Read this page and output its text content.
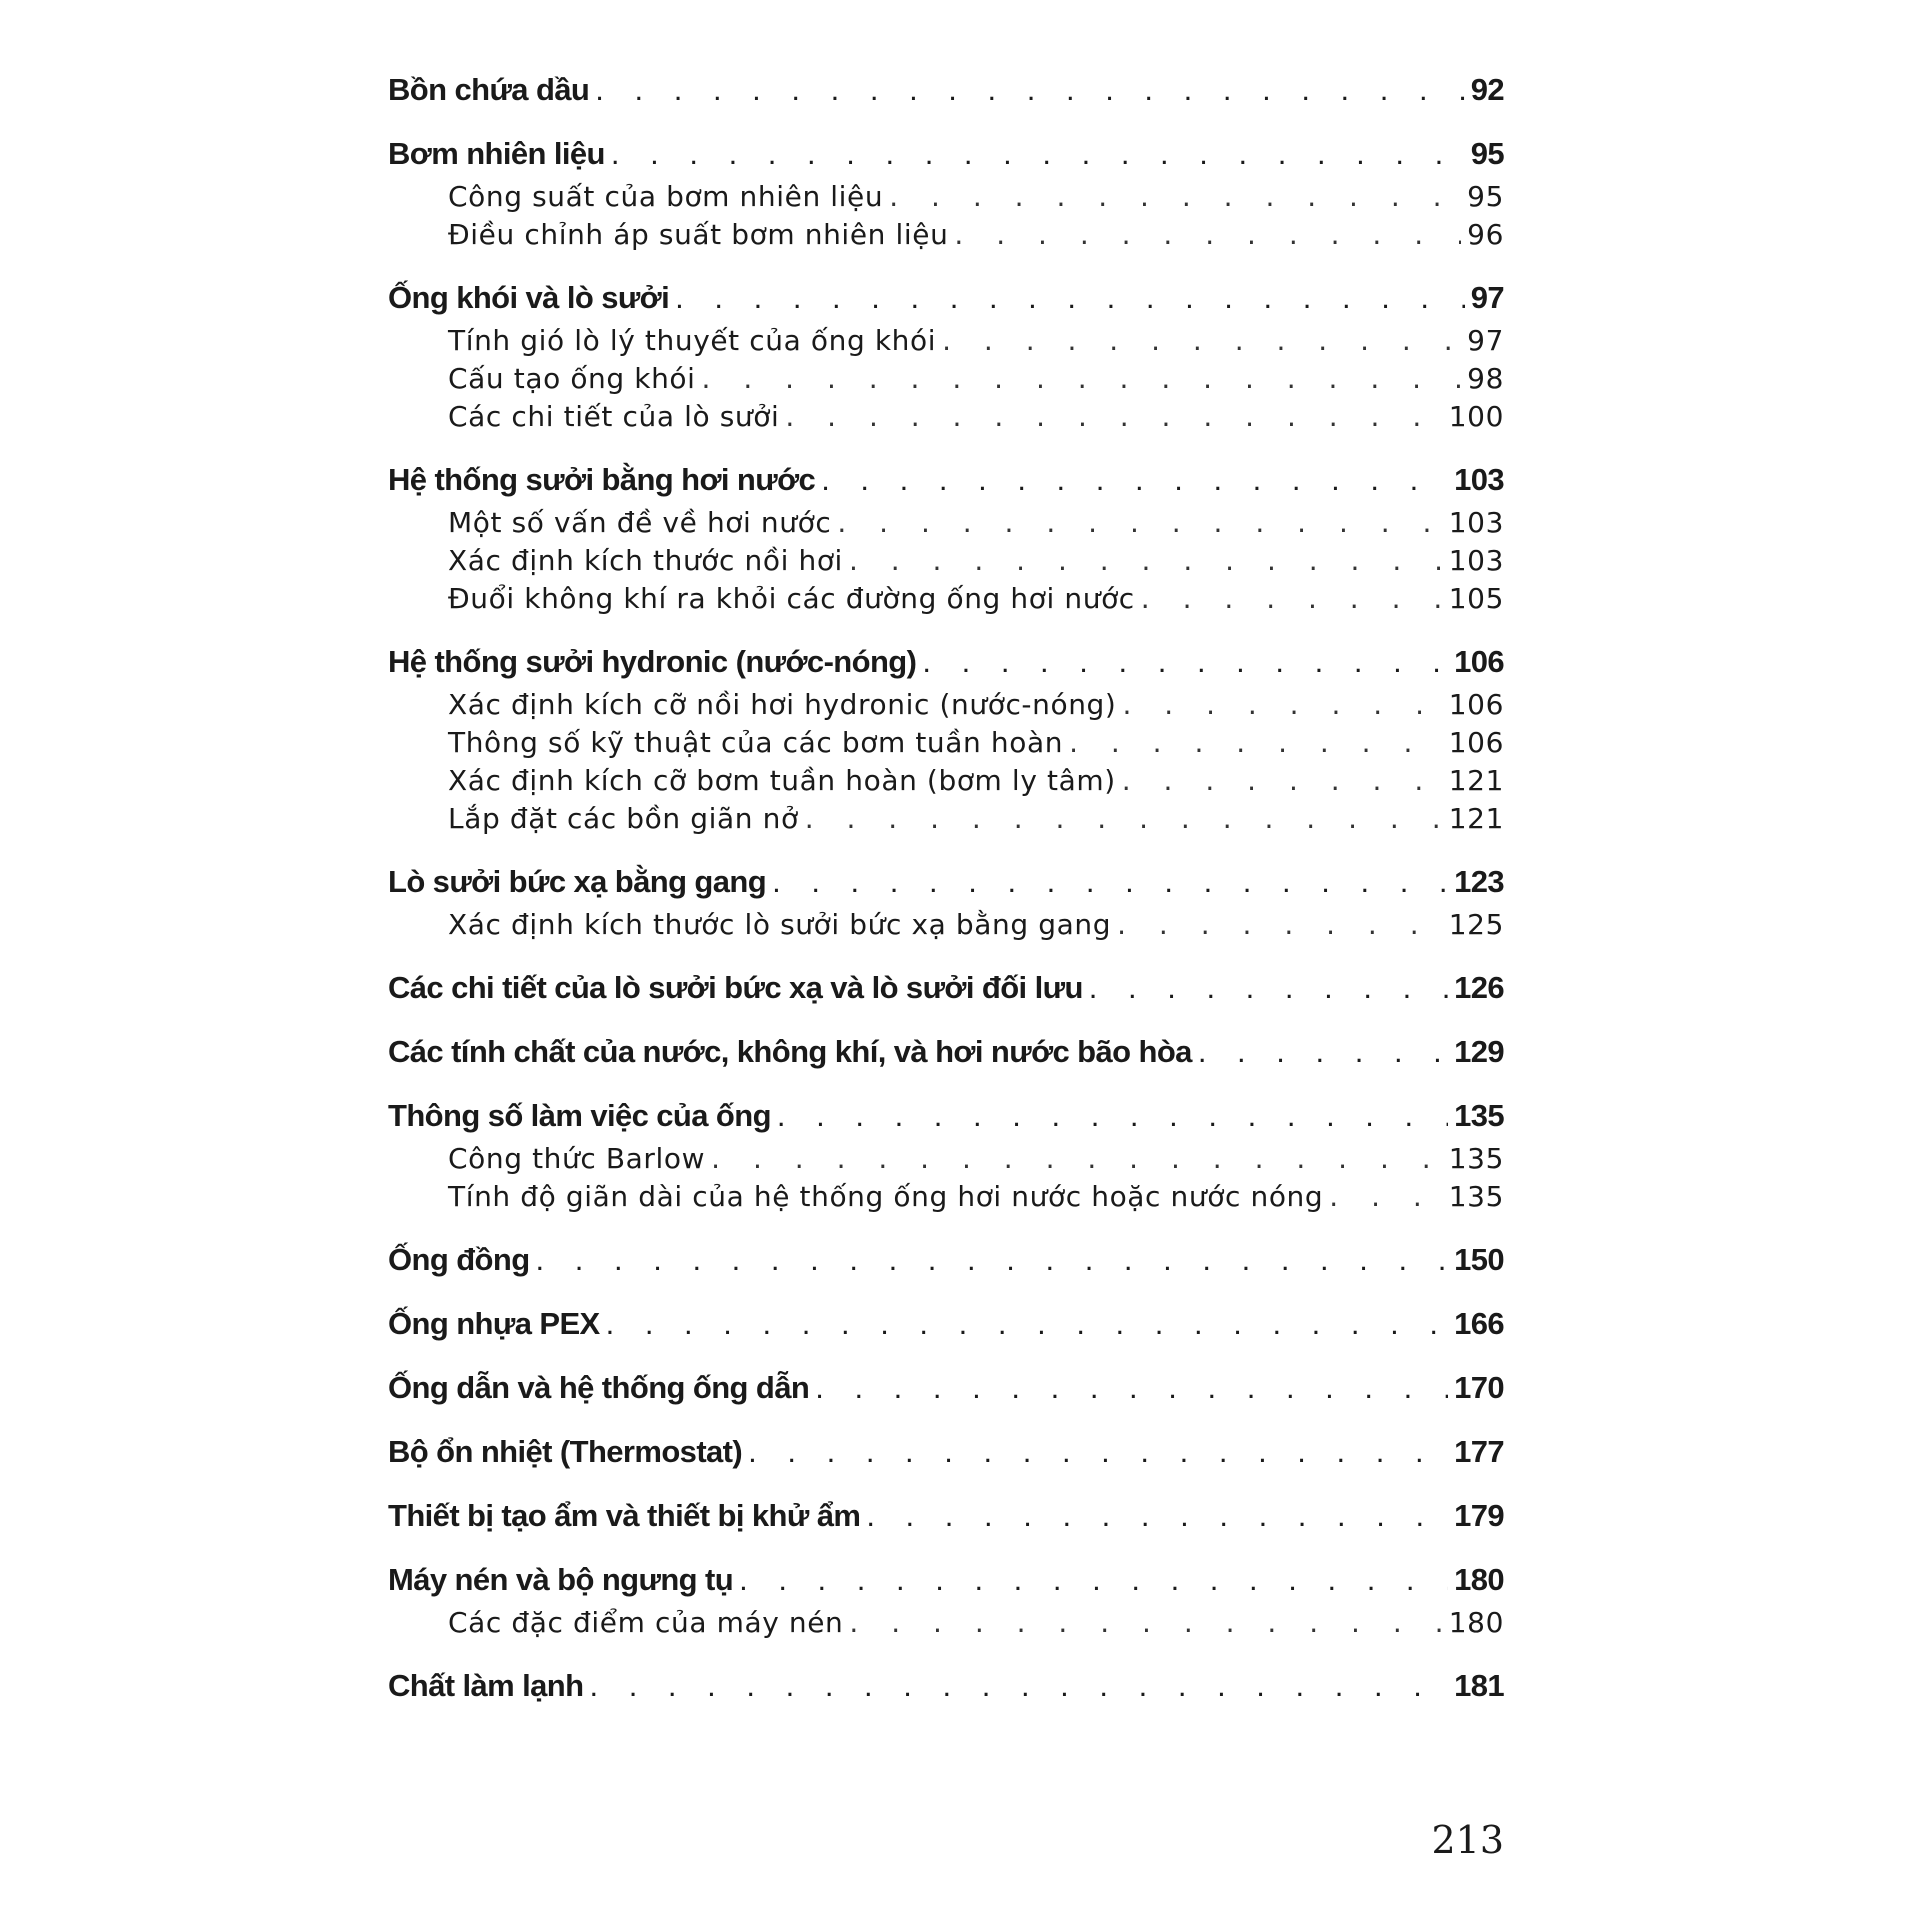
Bồn chứa dầu . . .	92
Bơm nhiên liệu . . .	95
Công suất của bơm nhiên liệu . . .	95
Điều chỉnh áp suất bơm nhiên liệu . . .	96
Ống khói và lò sưởi . . .	97
Tính gió lò lý thuyết của ống khói . . .	97
Cấu tạo ống khói . . .	98
Các chi tiết của lò sưởi . . .	100
Hệ thống sưởi bằng hơi nước . . .	103
Một số vấn đề về hơi nước . . .	103
Xác định kích thước nồi hơi . . .	103
Đuổi không khí ra khỏi các đường ống hơi nước . . .	105
Hệ thống sưởi hydronic (nước-nóng) . . .	106
Xác định kích cỡ nồi hơi hydronic (nước-nóng) . . .	106
Thông số kỹ thuật của các bơm tuần hoàn . . .	106
Xác định kích cỡ bơm tuần hoàn (bơm ly tâm) . . .	121
Lắp đặt các bồn giãn nở . . .	121
Lò sưởi bức xạ bằng gang . . .	123
Xác định kích thước lò sưởi bức xạ bằng gang . . .	125
Các chi tiết của lò sưởi bức xạ và lò sưởi đối lưu . . .	126
Các tính chất của nước, không khí, và hơi nước bão hòa . . .	129
Thông số làm việc của ống . . .	135
Công thức Barlow . . .	135
Tính độ giãn dài của hệ thống ống hơi nước hoặc nước nóng . . .	135
Ống đồng . . .	150
Ống nhựa PEX . . .	166
Ống dẫn và hệ thống ống dẫn . . .	170
Bộ ổn nhiệt (Thermostat) . . .	177
Thiết bị tạo ẩm và thiết bị khử ẩm . . .	179
Máy nén và bộ ngưng tụ . . .	180
Các đặc điểm của máy nén . . .	180
Chất làm lạnh . . .	181
213
